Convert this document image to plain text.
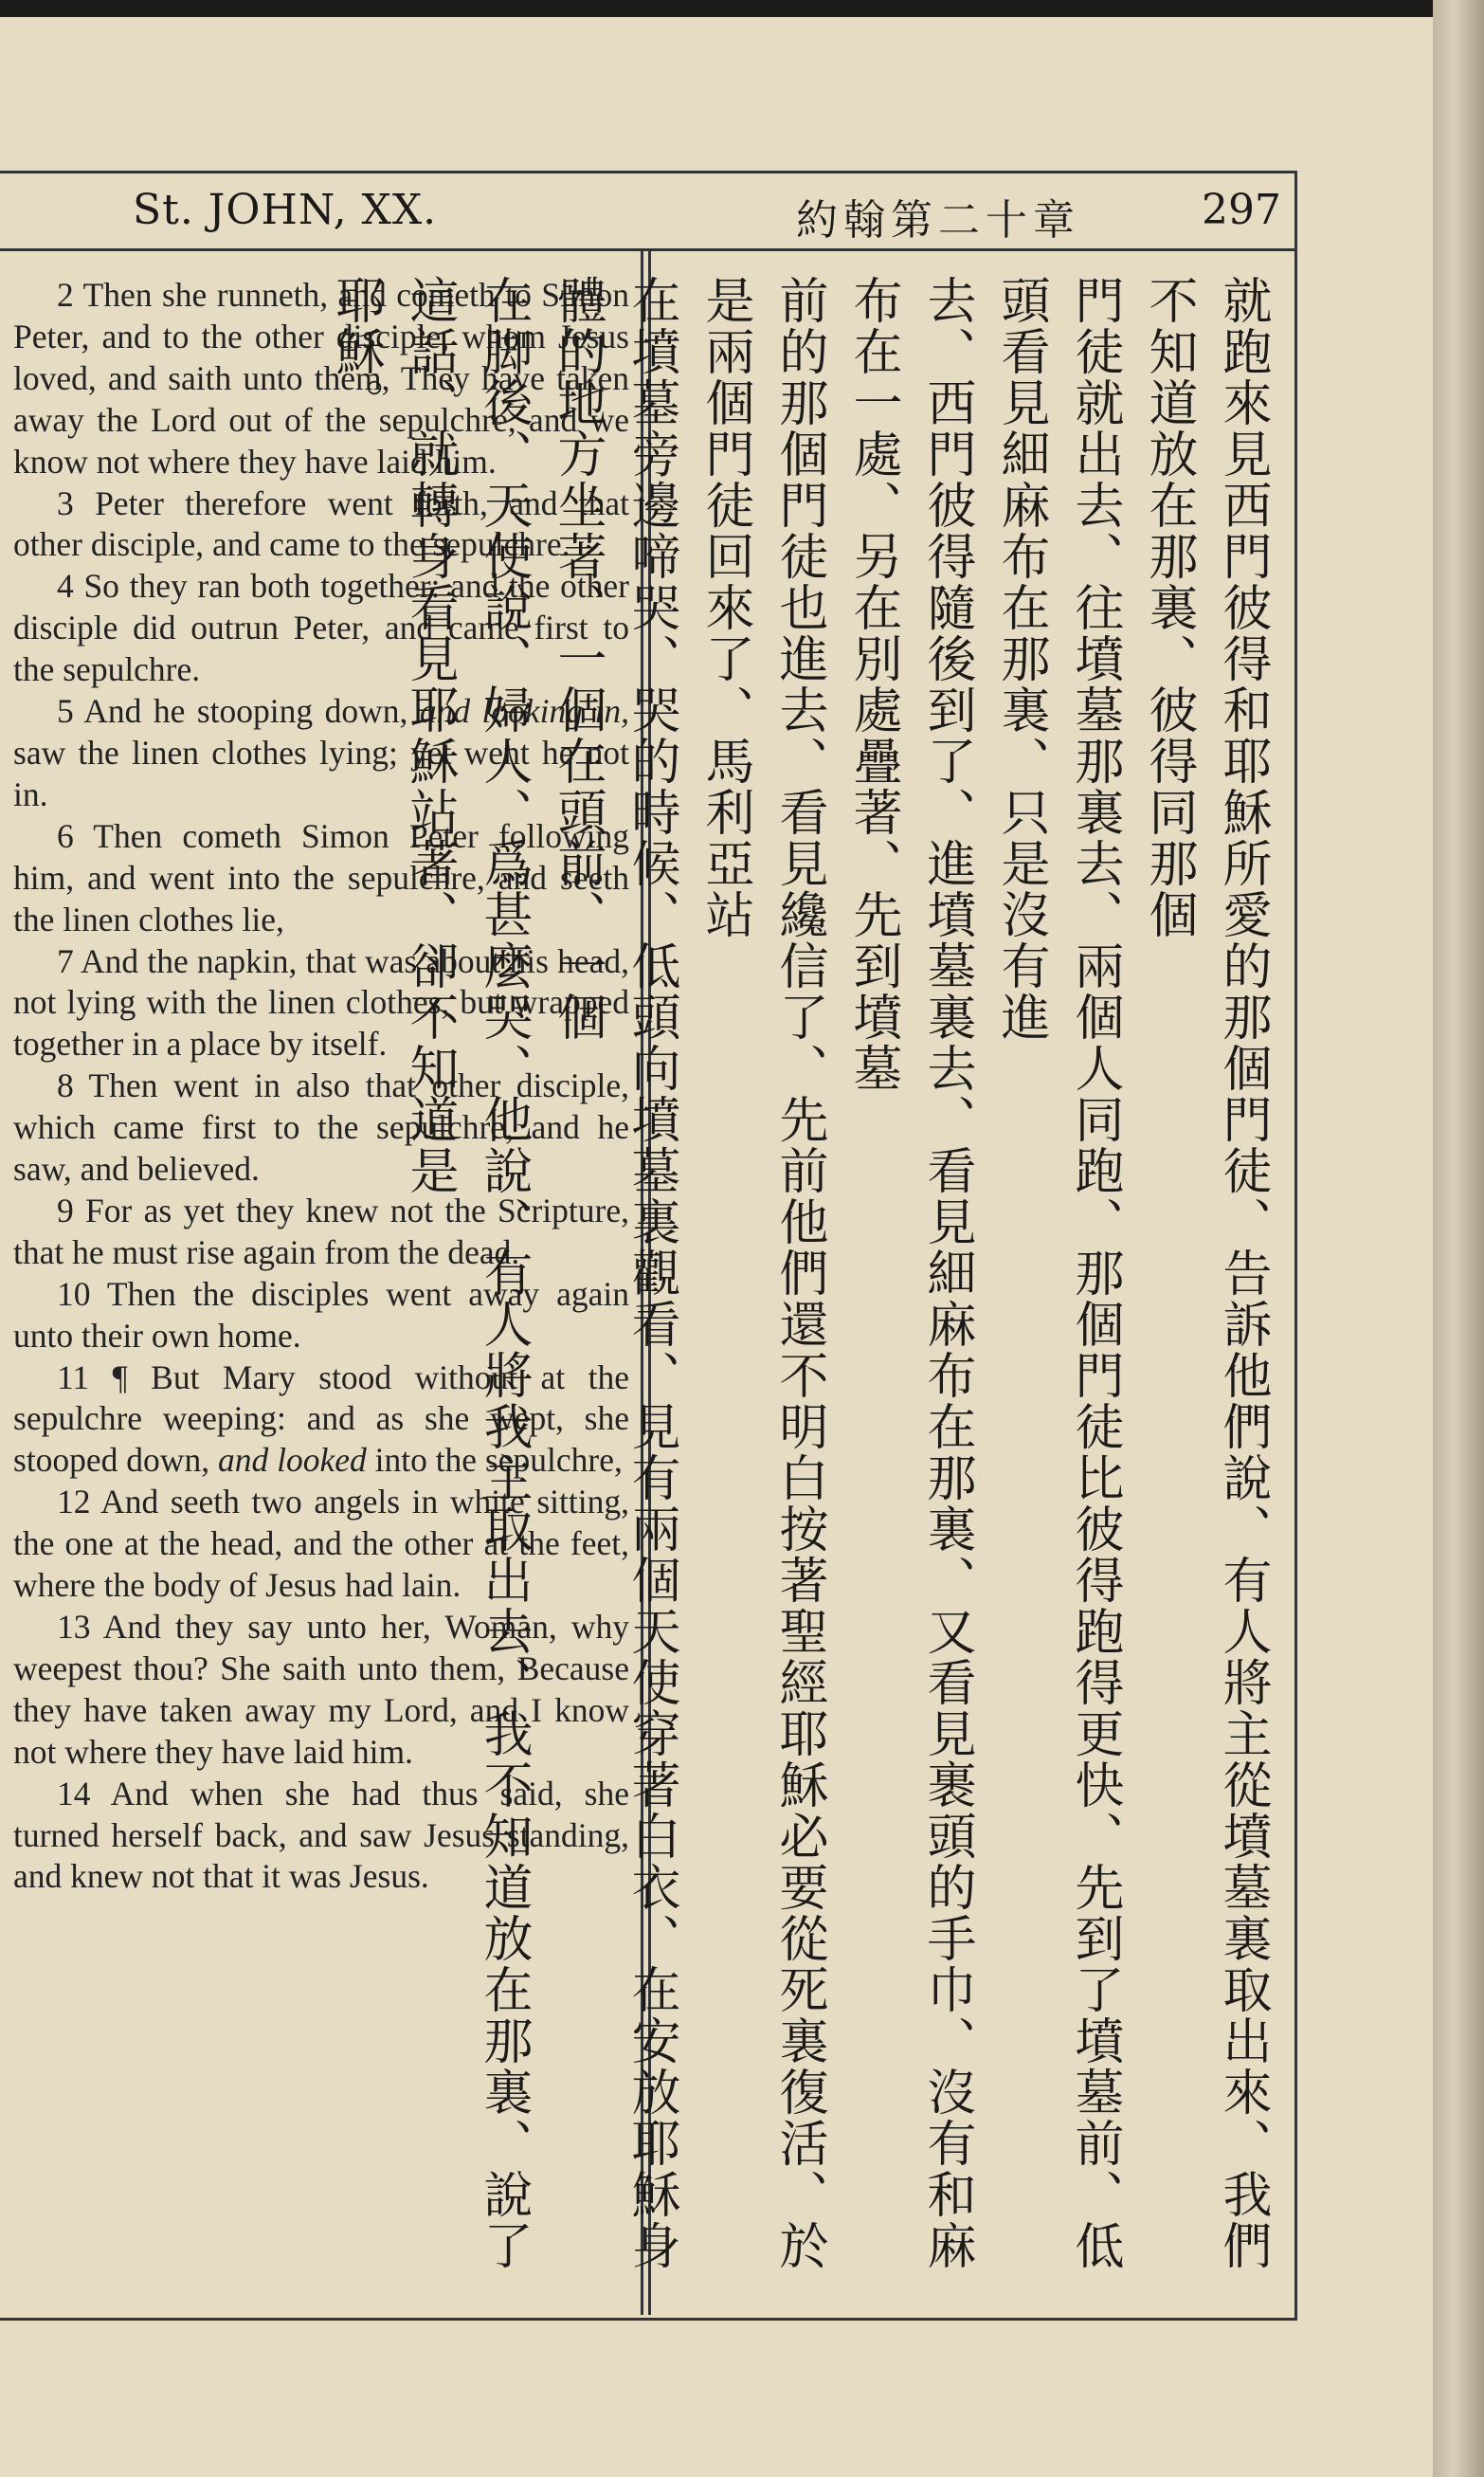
St. JOHN, XX.	約翰第二十章	297

2 Then she runneth, and cometh to Simon Peter, and to the other disciple, whom Jesus loved, and saith unto them, They have taken away the Lord out of the sepulchre, and we know not where they have laid him.

3 Peter therefore went forth, and that other disciple, and came to the sepulchre.

4 So they ran both together: and the other disciple did outrun Peter, and came first to the sepulchre.

5 And he stooping down, and looking in, saw the linen clothes lying; yet went he not in.

6 Then cometh Simon Peter following him, and went into the sepulchre, and seeth the linen clothes lie,

7 And the napkin, that was about his head, not lying with the linen clothes, but wrapped together in a place by itself.

8 Then went in also that other disciple, which came first to the sepulchre, and he saw, and believed.

9 For as yet they knew not the Scripture, that he must rise again from the dead.

10 Then the disciples went away again unto their own home.

11 ¶ But Mary stood without at the sepulchre weeping: and as she wept, she stooped down, and looked into the sepulchre,

12 And seeth two angels in white sitting, the one at the head, and the other at the feet, where the body of Jesus had lain.

13 And they say unto her, Woman, why weepest thou? She saith unto them, Because they have taken away my Lord, and I know not where they have laid him.

14 And when she had thus said, she turned herself back, and saw Jesus standing, and knew not that it was Jesus.	就跑來見西門彼得和耶穌所愛的那個門徒、告訴他們說、有人將主從墳墓裏取出來、我們不知道放在那裏、彼得同那個
門徒就出去、往墳墓那裏去、兩個人同跑、那個門徒比彼得跑得更快、先到了墳墓前、低頭看見細麻布在那裏、只是沒有進
去、西門彼得隨後到了、進墳墓裏去、看見細麻布在那裏、又看見裹頭的手巾、沒有和麻布在一處、另在別處疊著、先到墳墓
前的那個門徒也進去、看見纔信了、先前他們還不明白按著聖經耶穌必要從死裏復活、於是兩個門徒回來了、馬利亞站
在墳墓旁邊啼哭、哭的時候、低頭向墳墓裏觀看、見有兩個天使穿著白衣、在安放耶穌身體的地方坐著、一個在頭前、一個
在脚後、天使說、婦人、爲甚麼哭、他說、有人將我主取出去、我不知道放在那裏、說了這話、就轉身看見耶穌站著、卻不知道是
耶穌。
